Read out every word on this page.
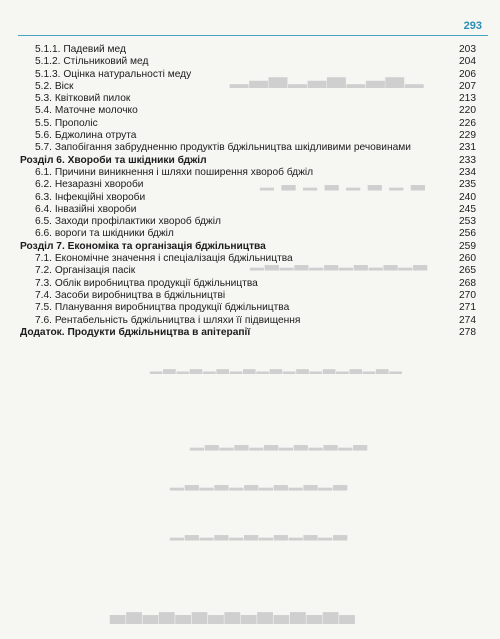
293
▁▂▃▁▂▃▁▂▃▁
▁ ▂ ▁ ▂ ▁ ▂ ▁ ▂
▁▂▁▂▁▂▁▂▁▂▁▂
▁▂▁▂▁▂▁▂▁▂▁▂▁▂▁▂▁▂▁
▁▂▁▂▁▂▁▂▁▂▁▂
▁▂▁▂▁▂▁▂▁▂▁▂
▁▂▁▂▁▂▁▂▁▂▁▂
▃▄▃▄▃▄▃▄▃▄▃▄▃▄▃
5.1.1. Падевий мед	203
5.1.2. Стільниковий мед	204
5.1.3. Оцінка натуральності меду	206
5.2. Віск	207
5.3. Квітковий пилок	213
5.4. Маточне молочко	220
5.5. Прополіс	226
5.6. Бджолина отрута	229
5.7. Запобігання забрудненню продуктів бджільництва шкідливими речовинами	231
Розділ 6. Хвороби та шкідники бджіл	233
6.1. Причини виникнення і шляхи поширення хвороб бджіл	234
6.2. Незаразні хвороби	235
6.3. Інфекційні хвороби	240
6.4. Інвазійні хвороби	245
6.5. Заходи профілактики хвороб бджіл	253
6.6. вороги та шкідники бджіл	256
Розділ 7. Економіка та організація бджільництва	259
7.1. Економічне значення і спеціалізація бджільництва	260
7.2. Організація пасік	265
7.3. Облік виробництва продукції бджільництва	268
7.4. Засоби виробництва в бджільництві	270
7.5. Планування виробництва продукції бджільництва	271
7.6. Рентабельність бджільництва і шляхи її підвищення	274
Додаток. Продукти бджільництва в апітерапії	278
